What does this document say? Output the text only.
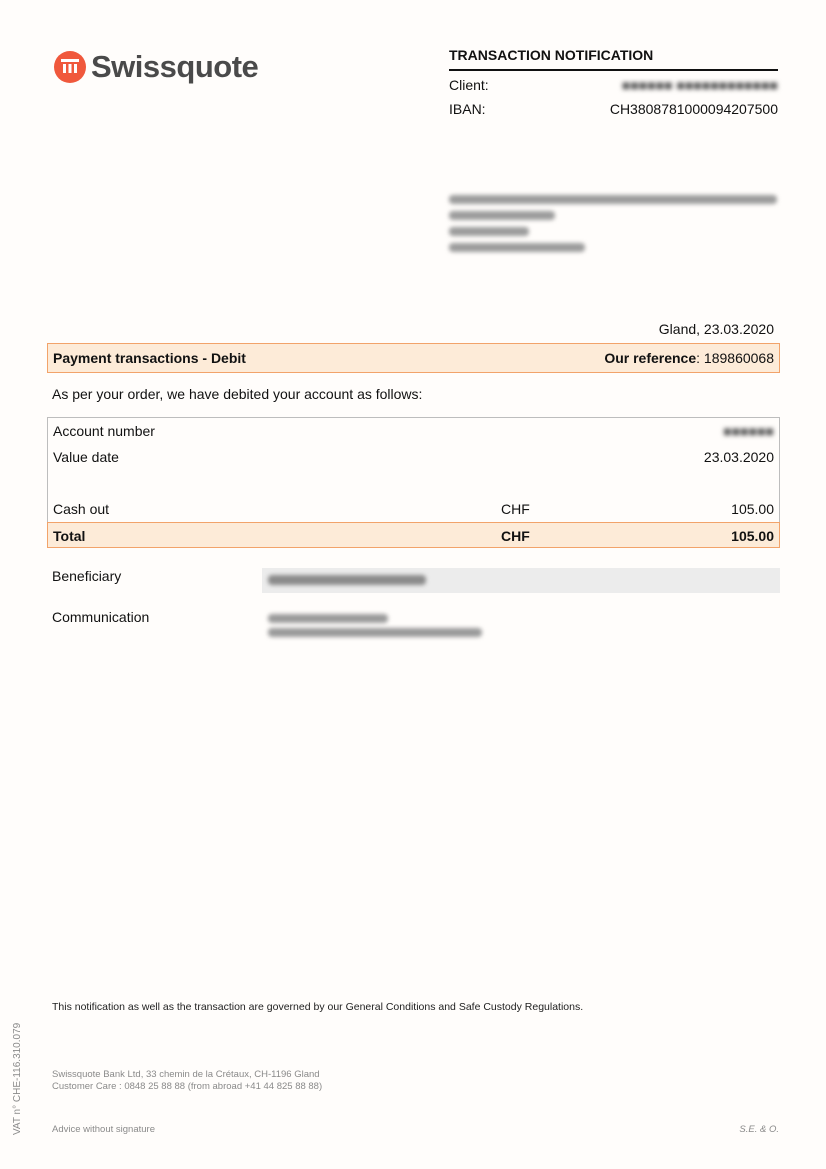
Swissquote	TRANSACTION NOTIFICATION
Client:	■■■■■■ ■■■■■■■■■■■■
IBAN:	CH3808781000094207500
Gland, 23.03.2020
Payment transactions - Debit	Our reference: 189860068
As per your order, we have debited your account as follows:
Account number	■■■■■■
Value date	23.03.2020
Cash out	CHF	105.00
Total	CHF	105.00
Beneficiary
Communication
This notification as well as the transaction are governed by our General Conditions and Safe Custody Regulations.
Swissquote Bank Ltd, 33 chemin de la Crétaux, CH-1196 Gland
Customer Care : 0848 25 88 88 (from abroad +41 44 825 88 88)
Advice without signature	S.E. & O.
VAT n° CHE-116.310.079
